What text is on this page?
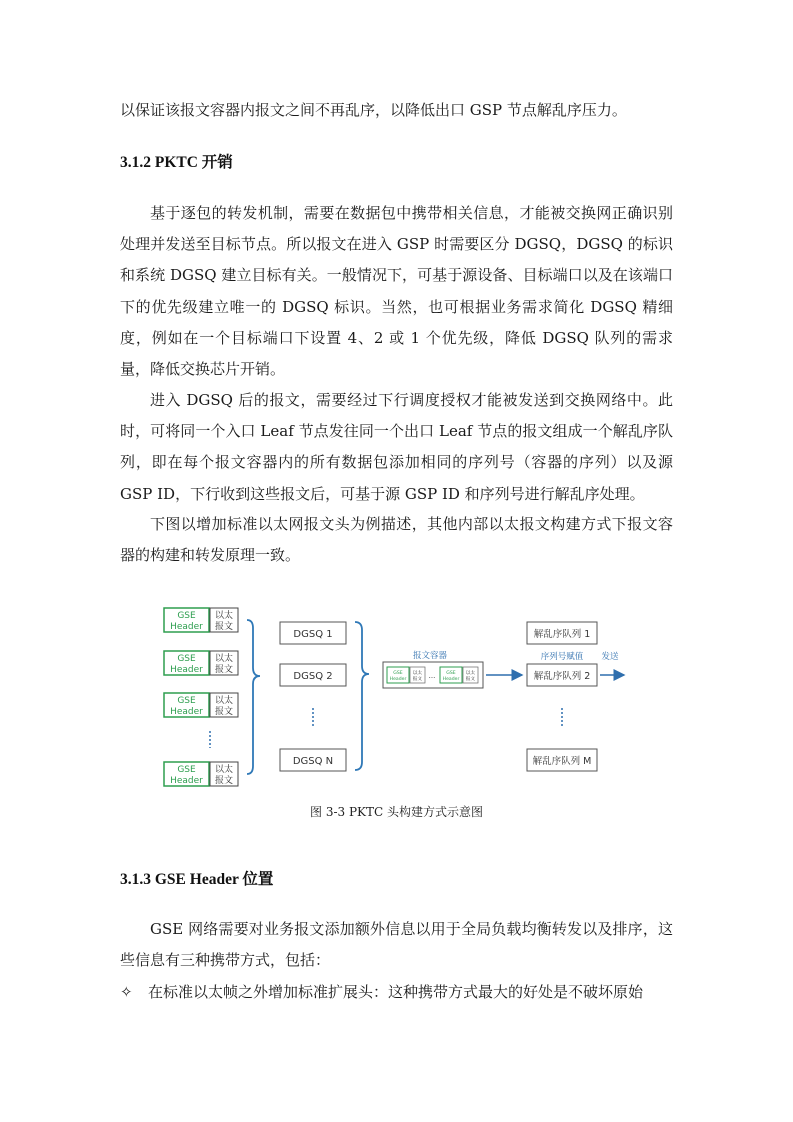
以保证该报文容器内报文之间不再乱序，以降低出口 GSP 节点解乱序压力。

3.1.2 PKTC 开销

基于逐包的转发机制，需要在数据包中携带相关信息，才能被交换网正确识别处理并发送至目标节点。所以报文在进入 GSP 时需要区分 DGSQ，DGSQ 的标识和系统 DGSQ 建立目标有关。一般情况下，可基于源设备、目标端口以及在该端口下的优先级建立唯一的 DGSQ 标识。当然，也可根据业务需求简化 DGSQ 精细度，例如在一个目标端口下设置 4、2 或 1 个优先级，降低 DGSQ 队列的需求量，降低交换芯片开销。

进入 DGSQ 后的报文，需要经过下行调度授权才能被发送到交换网络中。此时，可将同一个入口 Leaf 节点发往同一个出口 Leaf 节点的报文组成一个解乱序队列，即在每个报文容器内的所有数据包添加相同的序列号（容器的序列）以及源 GSP ID，下行收到这些报文后，可基于源 GSP ID 和序列号进行解乱序处理。

下图以增加标准以太网报文头为例描述，其他内部以太报文构建方式下报文容器的构建和转发原理一致。

GSE
Header
以太
报文
GSE
Header
以太
报文
GSE
Header
以太
报文
GSE
Header
以太
报文
DGSQ 1
DGSQ 2
DGSQ N
报文容器
GSE
Header
以太
报文 ... GSE
Header
以太
报文
解乱序队列 1
序列号赋值
解乱序队列 2
解乱序队列 M
发送
图 3-3 PKTC 头构建方式示意图
3.1.3 GSE Header 位置

GSE 网络需要对业务报文添加额外信息以用于全局负载均衡转发以及排序，这些信息有三种携带方式，包括：

✧ 在标准以太帧之外增加标准扩展头：这种携带方式最大的好处是不破坏原始
